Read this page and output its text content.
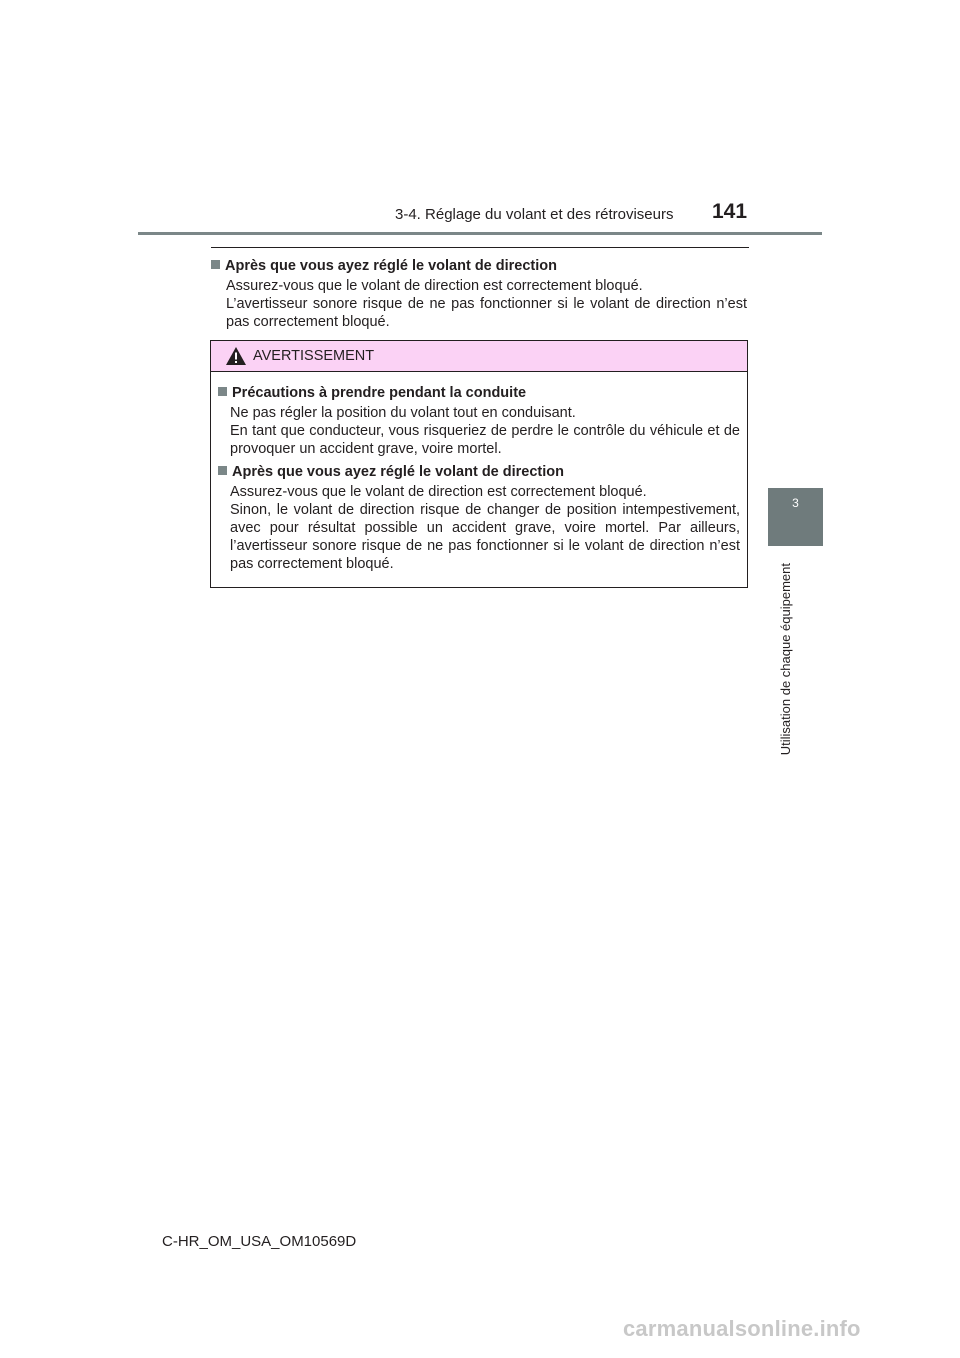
3-4. Réglage du volant et des rétroviseurs 141
3
Utilisation de chaque équipement
Après que vous ayez réglé le volant de direction
Assurez-vous que le volant de direction est correctement bloqué.
L’avertisseur sonore risque de ne pas fonctionner si le volant de direction n’est pas correctement bloqué.
AVERTISSEMENT
Précautions à prendre pendant la conduite
Ne pas régler la position du volant tout en conduisant.
En tant que conducteur, vous risqueriez de perdre le contrôle du véhicule et de provoquer un accident grave, voire mortel.
Après que vous ayez réglé le volant de direction
Assurez-vous que le volant de direction est correctement bloqué.
Sinon, le volant de direction risque de changer de position intempestivement, avec pour résultat possible un accident grave, voire mortel. Par ailleurs, l’avertisseur sonore risque de ne pas fonctionner si le volant de direction n’est pas correctement bloqué.
C-HR_OM_USA_OM10569D
carmanualsonline.info
